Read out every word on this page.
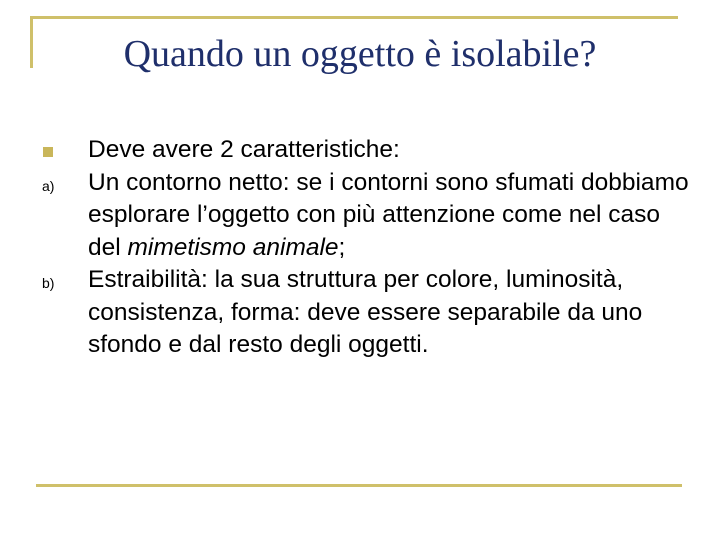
Quando un oggetto è isolabile?
Deve avere 2 caratteristiche:
a) Un contorno netto: se i contorni sono sfumati dobbiamo esplorare l’oggetto con più attenzione come nel caso del mimetismo animale;
b) Estraibilità: la sua struttura per colore, luminosità, consistenza, forma: deve essere separabile da uno sfondo e dal resto degli oggetti.
